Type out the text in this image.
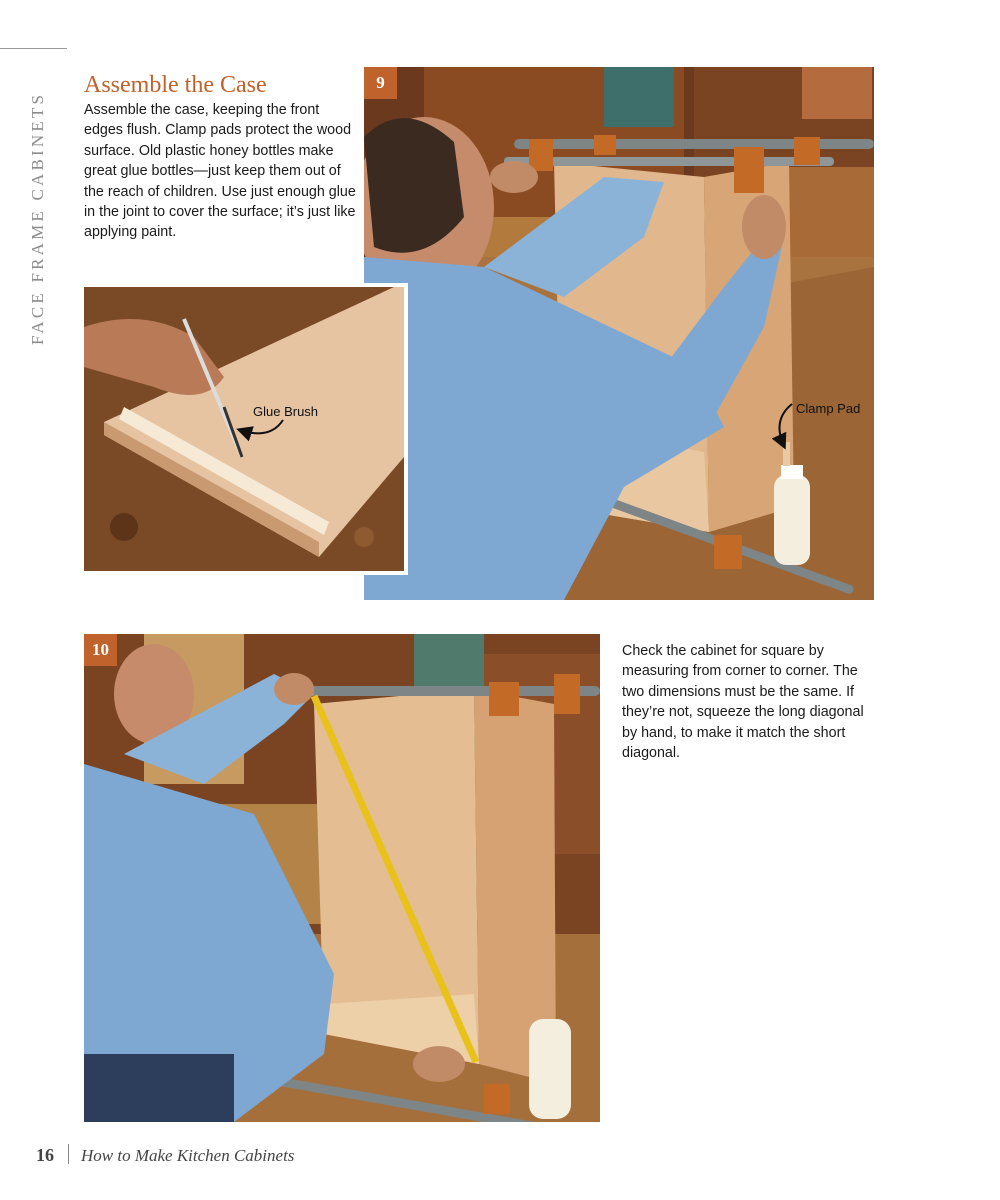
FACE FRAME CABINETS
Assemble the Case

Assemble the case, keeping the front edges flush. Clamp pads protect the wood surface. Old plastic honey bottles make great glue bottles—just keep them out of the reach of children. Use just enough glue in the joint to cover the surface; it’s just like applying paint.

9
10
Glue Brush	Clamp Pad

Check the cabinet for square by measuring from corner to corner. The two dimensions must be the same. If they’re not, squeeze the long diagonal by hand, to make it match the short diagonal.

16 How to Make Kitchen Cabinets
